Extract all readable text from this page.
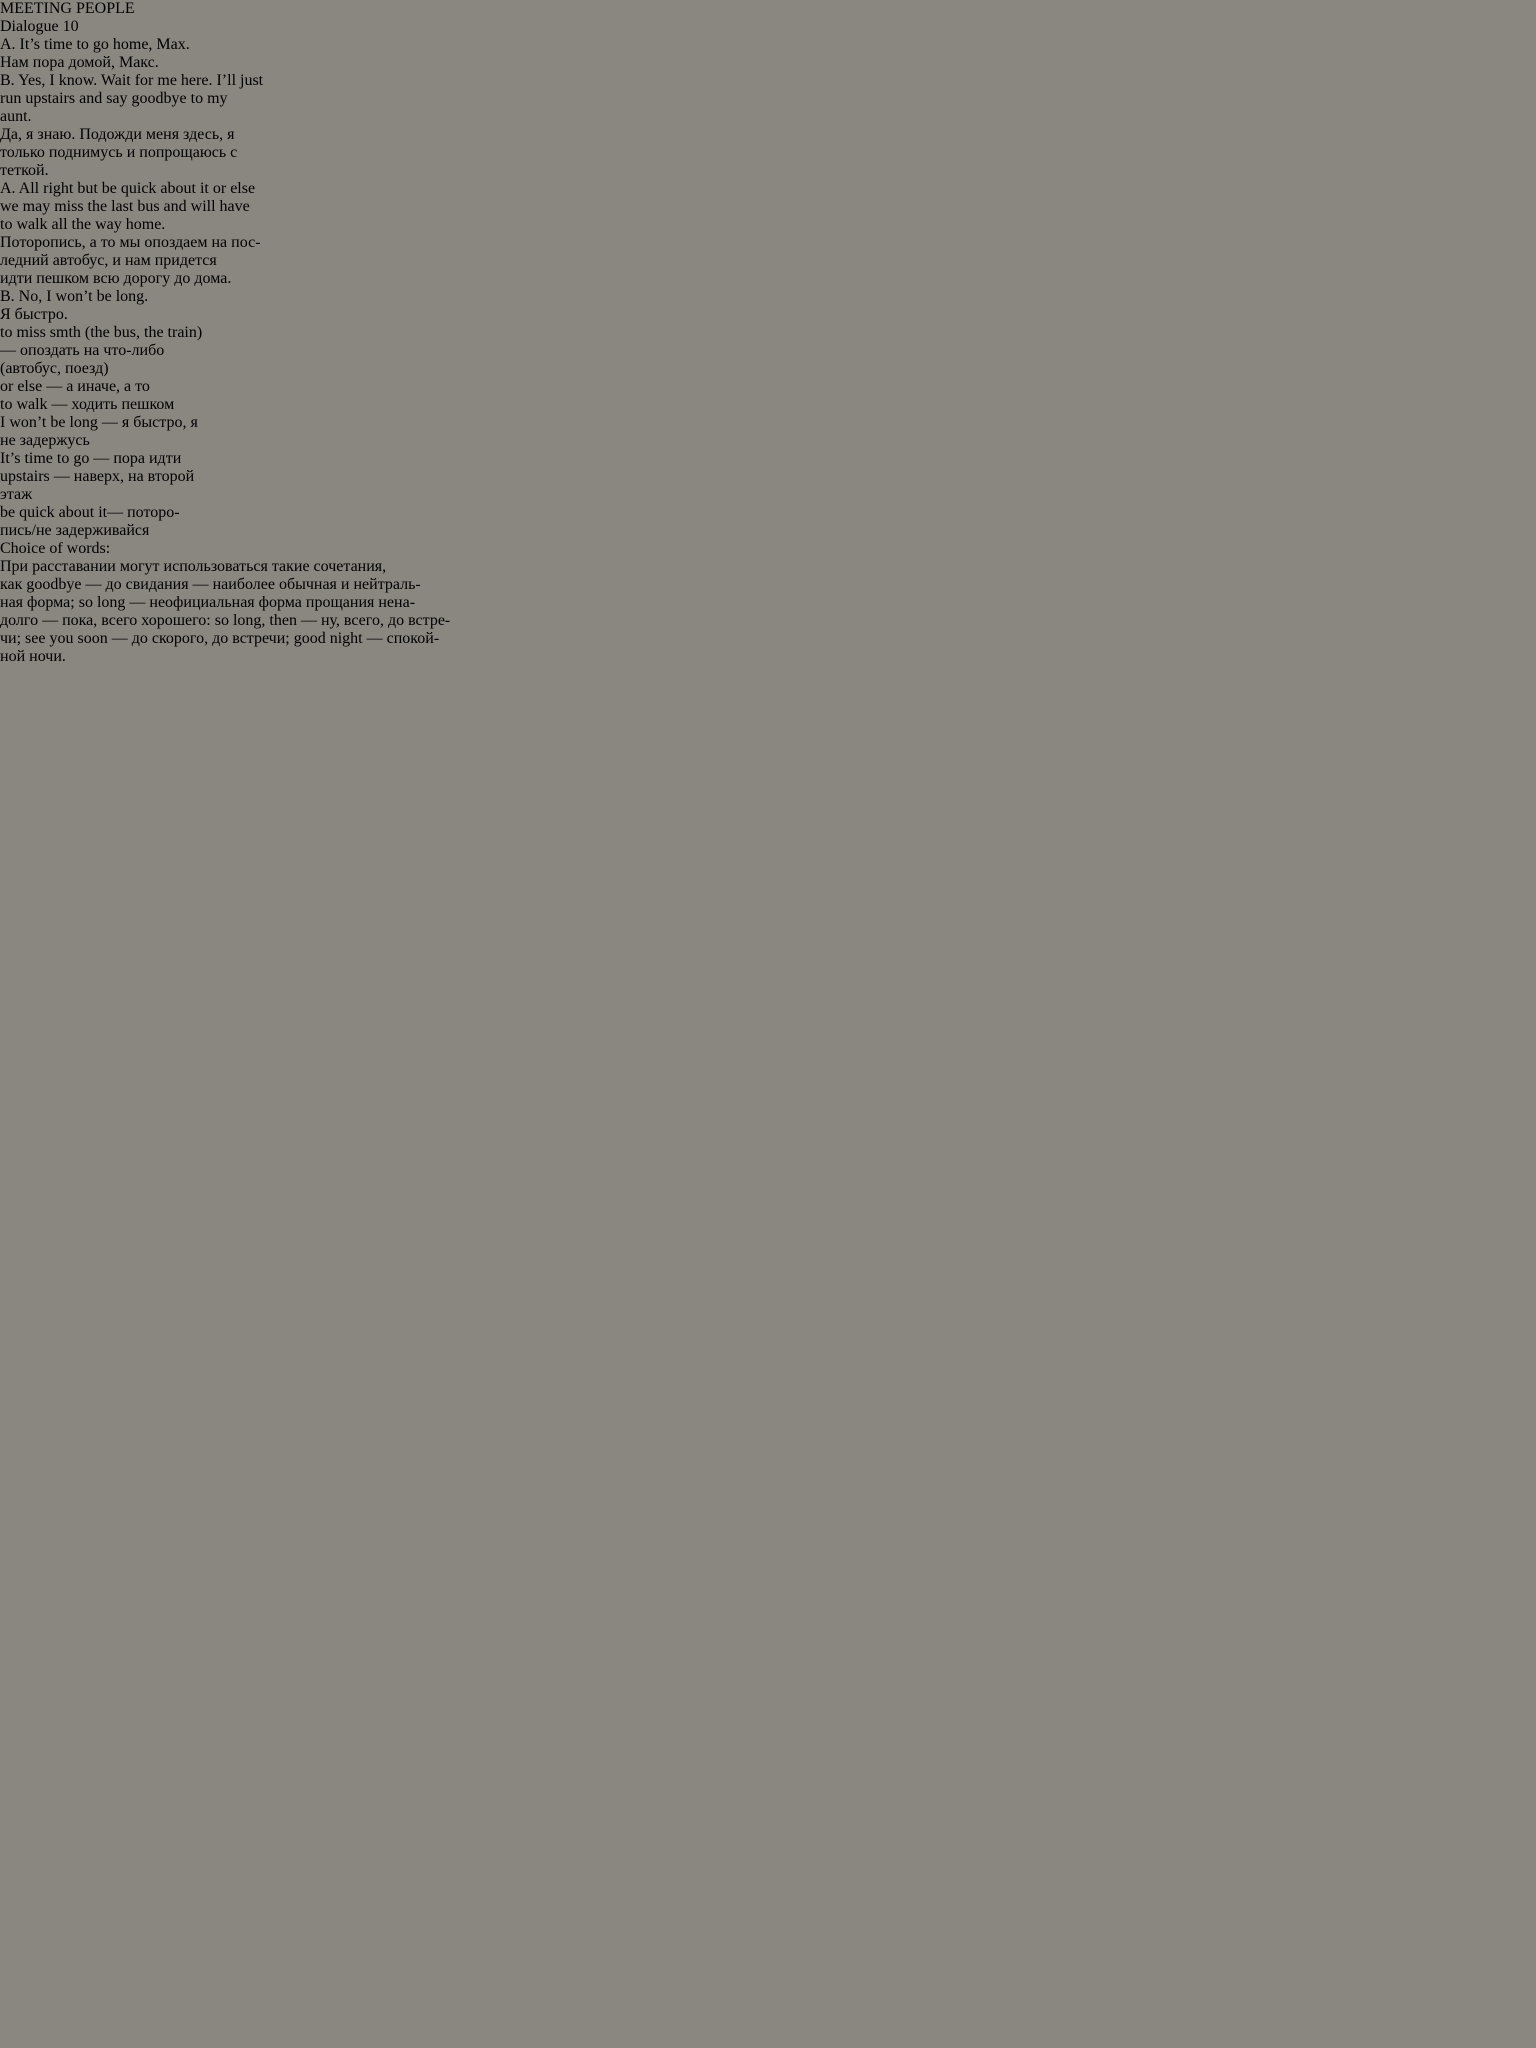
MEETING PEOPLE
Dialogue 10
A. It’s time to go home, Max.
Нам пора домой, Макс.
B. Yes, I know. Wait for me here. I’ll just
run upstairs and say goodbye to my
aunt.
Да, я знаю. Подожди меня здесь, я
только поднимусь и попрощаюсь с
теткой.
A. All right but be quick about it or else
we may miss the last bus and will have
to walk all the way home.
Поторопись, а то мы опоздаем на пос-
ледний автобус, и нам придется
идти пешком всю дорогу до дома.
B. No, I won’t be long.
Я быстро.
to miss smth (the bus, the train)
— опоздать на что-либо
(автобус, поезд)
or else — а иначе, а то
to walk — ходить пешком
I won’t be long — я быстро, я
не задержусь
It’s time to go — пора идти
upstairs — наверх, на второй
этаж
be quick about it— поторо-
пись/не задерживайся
Choice of words:
При расставании могут использоваться такие сочетания,
как goodbye — до свидания — наиболее обычная и нейтраль-
ная форма; so long — неофициальная форма прощания нена-
долго — пока, всего хорошего: so long, then — ну, всего, до встре-
чи; see you soon — до скорого, до встречи; good night — спокой-
ной ночи.
